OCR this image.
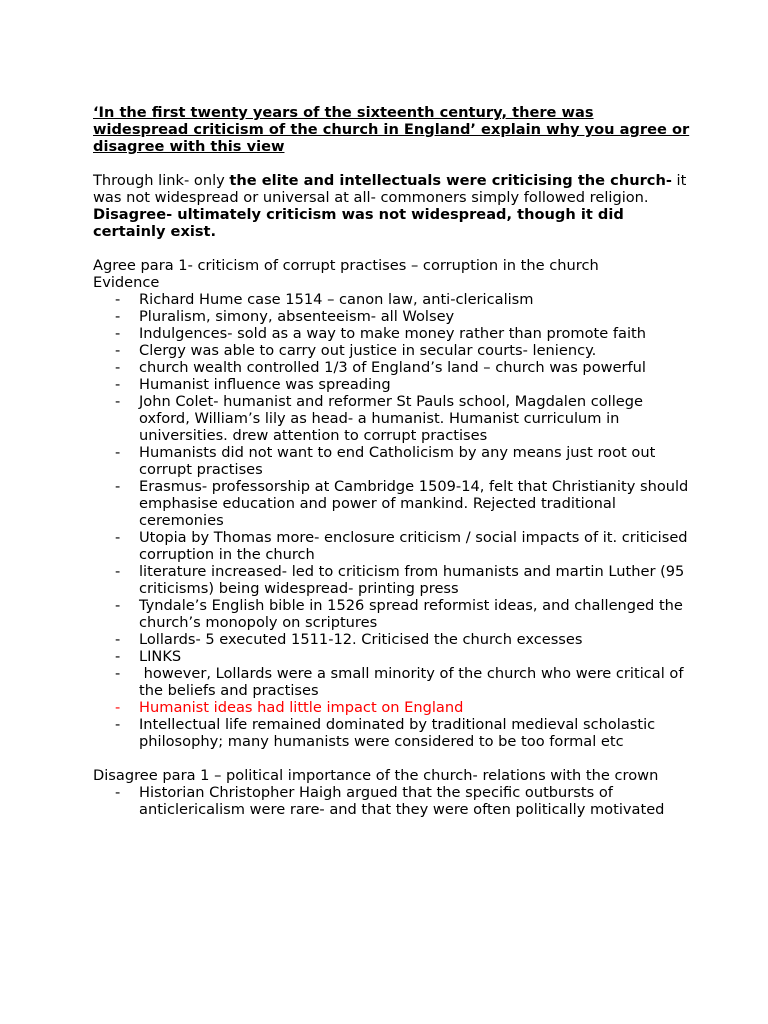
‘In the first twenty years of the sixteenth century, there was widespread criticism of the church in England’ explain why you agree or disagree with this view

Through link- only the elite and intellectuals were criticising the church- it was not widespread or universal at all- commoners simply followed religion.

Disagree- ultimately criticism was not widespread, though it did certainly exist.

Agree para 1- criticism of corrupt practises – corruption in the church

Evidence

- Richard Hume case 1514 – canon law, anti-clericalism
- Pluralism, simony, absenteeism- all Wolsey
- Indulgences- sold as a way to make money rather than promote faith
- Clergy was able to carry out justice in secular courts- leniency.
- church wealth controlled 1/3 of England’s land – church was powerful
- Humanist influence was spreading
- John Colet- humanist and reformer St Pauls school, Magdalen college oxford, William’s lily as head- a humanist. Humanist curriculum in universities. drew attention to corrupt practises
- Humanists did not want to end Catholicism by any means just root out corrupt practises
- Erasmus- professorship at Cambridge 1509-14, felt that Christianity should emphasise education and power of mankind. Rejected traditional ceremonies
- Utopia by Thomas more- enclosure criticism / social impacts of it. criticised corruption in the church
- literature increased- led to criticism from humanists and martin Luther (95 criticisms) being widespread- printing press
- Tyndale’s English bible in 1526 spread reformist ideas, and challenged the church’s monopoly on scriptures
- Lollards- 5 executed 1511-12. Criticised the church excesses
- LINKS
- however, Lollards were a small minority of the church who were critical of the beliefs and practises
- Humanist ideas had little impact on England
- Intellectual life remained dominated by traditional medieval scholastic philosophy; many humanists were considered to be too formal etc

Disagree para 1 – political importance of the church- relations with the crown

- Historian Christopher Haigh argued that the specific outbursts of anticlericalism were rare- and that they were often politically motivated
